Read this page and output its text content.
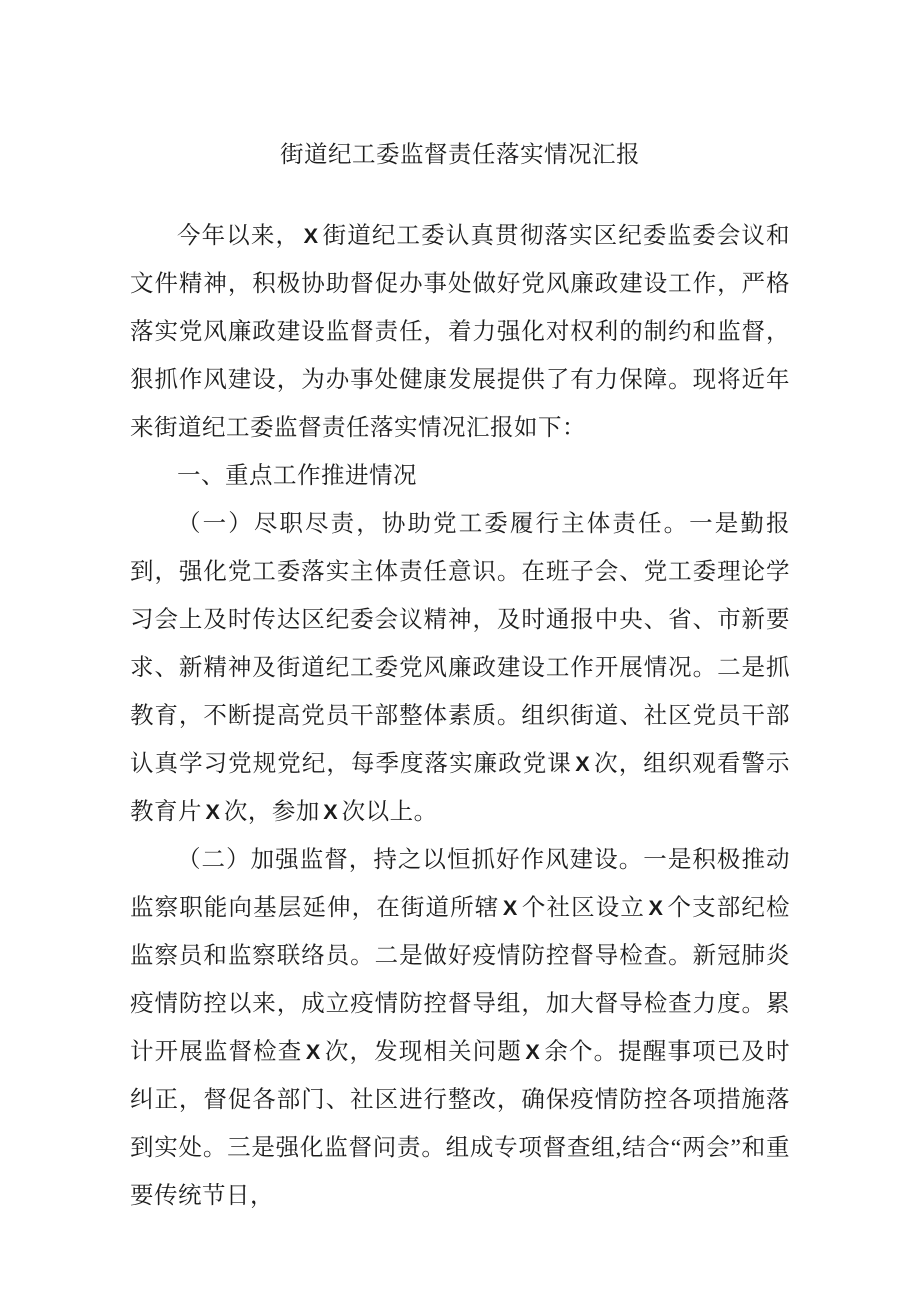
街道纪工委监督责任落实情况汇报

今年以来， X 街道纪工委认真贯彻落实区纪委监委会议和文件精神，积极协助督促办事处做好党风廉政建设工作，严格落实党风廉政建设监督责任，着力强化对权利的制约和监督，狠抓作风建设，为办事处健康发展提供了有力保障。现将近年来街道纪工委监督责任落实情况汇报如下：

一、重点工作推进情况

（一）尽职尽责，协助党工委履行主体责任。一是勤报到，强化党工委落实主体责任意识。在班子会、党工委理论学习会上及时传达区纪委会议精神，及时通报中央、省、市新要求、新精神及街道纪工委党风廉政建设工作开展情况。二是抓教育，不断提高党员干部整体素质。组织街道、社区党员干部认真学习党规党纪，每季度落实廉政党课 X 次，组织观看警示教育片 X 次，参加 X 次以上。

（二）加强监督，持之以恒抓好作风建设。一是积极推动监察职能向基层延伸，在街道所辖 X 个社区设立 X 个支部纪检监察员和监察联络员。二是做好疫情防控督导检查。新冠肺炎疫情防控以来，成立疫情防控督导组，加大督导检查力度。累计开展监督检查 X 次，发现相关问题 X 余个。提醒事项已及时纠正，督促各部门、社区进行整改，确保疫情防控各项措施落到实处。三是强化监督问责。组成专项督查组,结合“两会”和重要传统节日，
